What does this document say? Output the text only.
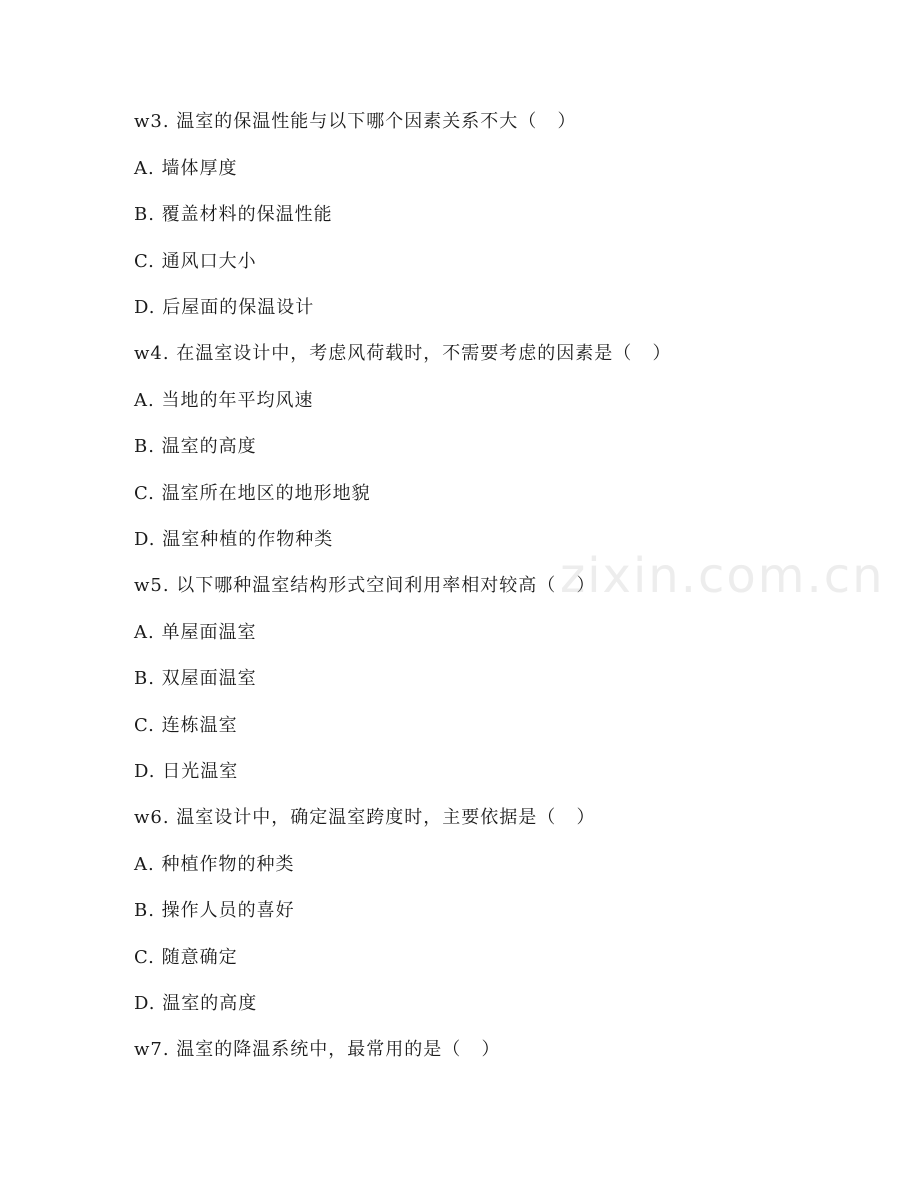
w3. 温室的保温性能与以下哪个因素关系不大（   ）
A. 墙体厚度
B. 覆盖材料的保温性能
C. 通风口大小
D. 后屋面的保温设计
w4. 在温室设计中，考虑风荷载时，不需要考虑的因素是（   ）
A. 当地的年平均风速
B. 温室的高度
C. 温室所在地区的地形地貌
D. 温室种植的作物种类
w5. 以下哪种温室结构形式空间利用率相对较高（   ）
A. 单屋面温室
B. 双屋面温室
C. 连栋温室
D. 日光温室
w6. 温室设计中，确定温室跨度时，主要依据是（   ）
A. 种植作物的种类
B. 操作人员的喜好
C. 随意确定
D. 温室的高度
w7. 温室的降温系统中，最常用的是（   ）
zixin.com.cn
